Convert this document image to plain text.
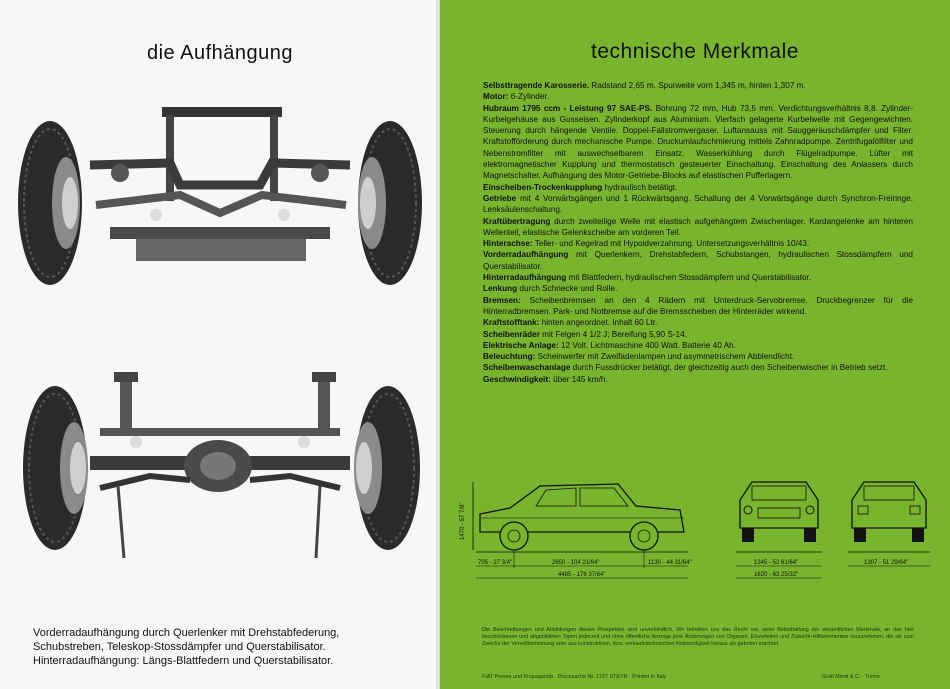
die Aufhängung
Vorderradaufhängung durch Querlenker mit Drehstabfederung,
Schubstreben, Teleskop-Stossdämpfer und Querstabilisator.
Hinterradaufhängung: Längs-Blattfedern und Querstabilisator.
technische Merkmale

Selbsttragende Karosserie. Radstand 2,65 m. Spurweite vorn 1,345 m, hinten 1,307 m.

Motor: 6-Zylinder.

Hubraum 1795 ccm - Leistung 97 SAE-PS. Bohrung 72 mm, Hub 73,5 mm. Verdichtungsverhältnis 8,8. Zylinder-Kurbelgehäuse aus Gusseisen. Zylinderkopf aus Aluminium. Vierfach gelagerte Kurbelwelle mit Gegengewichten. Steuerung durch hängende Ventile. Doppel-Fallstromvergaser. Luftansauss mit Sauggeräuschdämpfer und Filter. Kraftstofförderung durch mechanische Pumpe. Druckumlaufschmierung mittels Zahnradpumpe. Zentrifugalölfilter und Nebenstromfilter mit auswechselbarem Einsatz. Wasserkühlung durch Flügelradpumpe. Lüfter mit elektromagnetischer Kupplung und thermostatisch gesteuerter Einschaltung. Einschaltung des Anlassers durch Magnetschalter. Aufhängung des Motor-Getriebe-Blocks auf elastischen Pufferlagern.

Einscheiben-Trockenkupplung hydraulisch betätigt.

Getriebe mit 4 Vorwärtsgängen und 1 Rückwärtsgang. Schaltung der 4 Vorwärtsgänge durch Synchron-Freiringe. Lenksäulenschaltung.

Kraftübertragung durch zweiteilige Welle mit elastisch aufgehängtem Zwischenlager. Kardangelenke am hinteren Wellenteil, elastische Gelenkscheibe am vorderen Teil.

Hinterachse: Teller- und Kegelrad mit Hypoidverzahnung. Untersetzungsverhältnis 10/43.

Vorderradaufhängung mit Querlenkern, Drehstabfedern, Schubstangen, hydraulischen Stossdämpfern und Querstabilisator.

Hinterradaufhängung mit Blattfedern, hydraulischen Stossdämpfern und Querstabilisator.

Lenkung durch Schnecke und Rolle.

Bremsen: Scheibenbremsen an den 4 Rädern mit Unterdruck-Servobremse. Druckbegrenzer für die Hinterradbremsen. Park- und Notbremse auf die Bremsscheiben der Hinterräder wirkend.

Kraftstofftank: hinten angeordnet. Inhalt 60 Ltr.

Scheibenräder mit Felgen 4 1/2 J; Bereifung 5,90 S-14.

Elektrische Anlage: 12 Volt. Lichtmaschine 400 Watt. Batterie 40 Ah.

Beleuchtung: Scheinwerfer mit Zweifadenlampen und asymmetrischem Abblendlicht.

Scheibenwaschanlage durch Fussdrücker betätigt, der gleichzeitig auch den Scheibenwischer in Betrieb setzt.

Geschwindigkeit: über 145 km/h.

1470 - 57 7/8"
705 - 27 3/4"	2650 - 104 21/64"	1130 - 44 31/64"
4485 - 176 37/64"
1345 - 52 61/64"
1620 - 63 25/32"
1307 - 51 29/64"
Die Beschreibungen und Abbildungen dieses Prospektes sind unverbindlich. Wir behalten uns das Recht vor, unter Beibehaltung der wesentlichen Merkmale, an den hier beschriebenen und abgebildeten Typen jederzeit und ohne öffentliche Anzeige jene Änderungen von Organen, Einzelteilen und Zubehör-Hilfselementen vorzunehmen, die sie zum Zwecke der Vervollkommnung oder aus konstruktiven, bzw. verkaufstechnischen Notwendigkeit heraus als geboten erachtet.
FIAT Presse und Propaganda · Drucksache Nr. 1727 STEYR · Printed in Italy	Grafi Monti & C. · Torino
